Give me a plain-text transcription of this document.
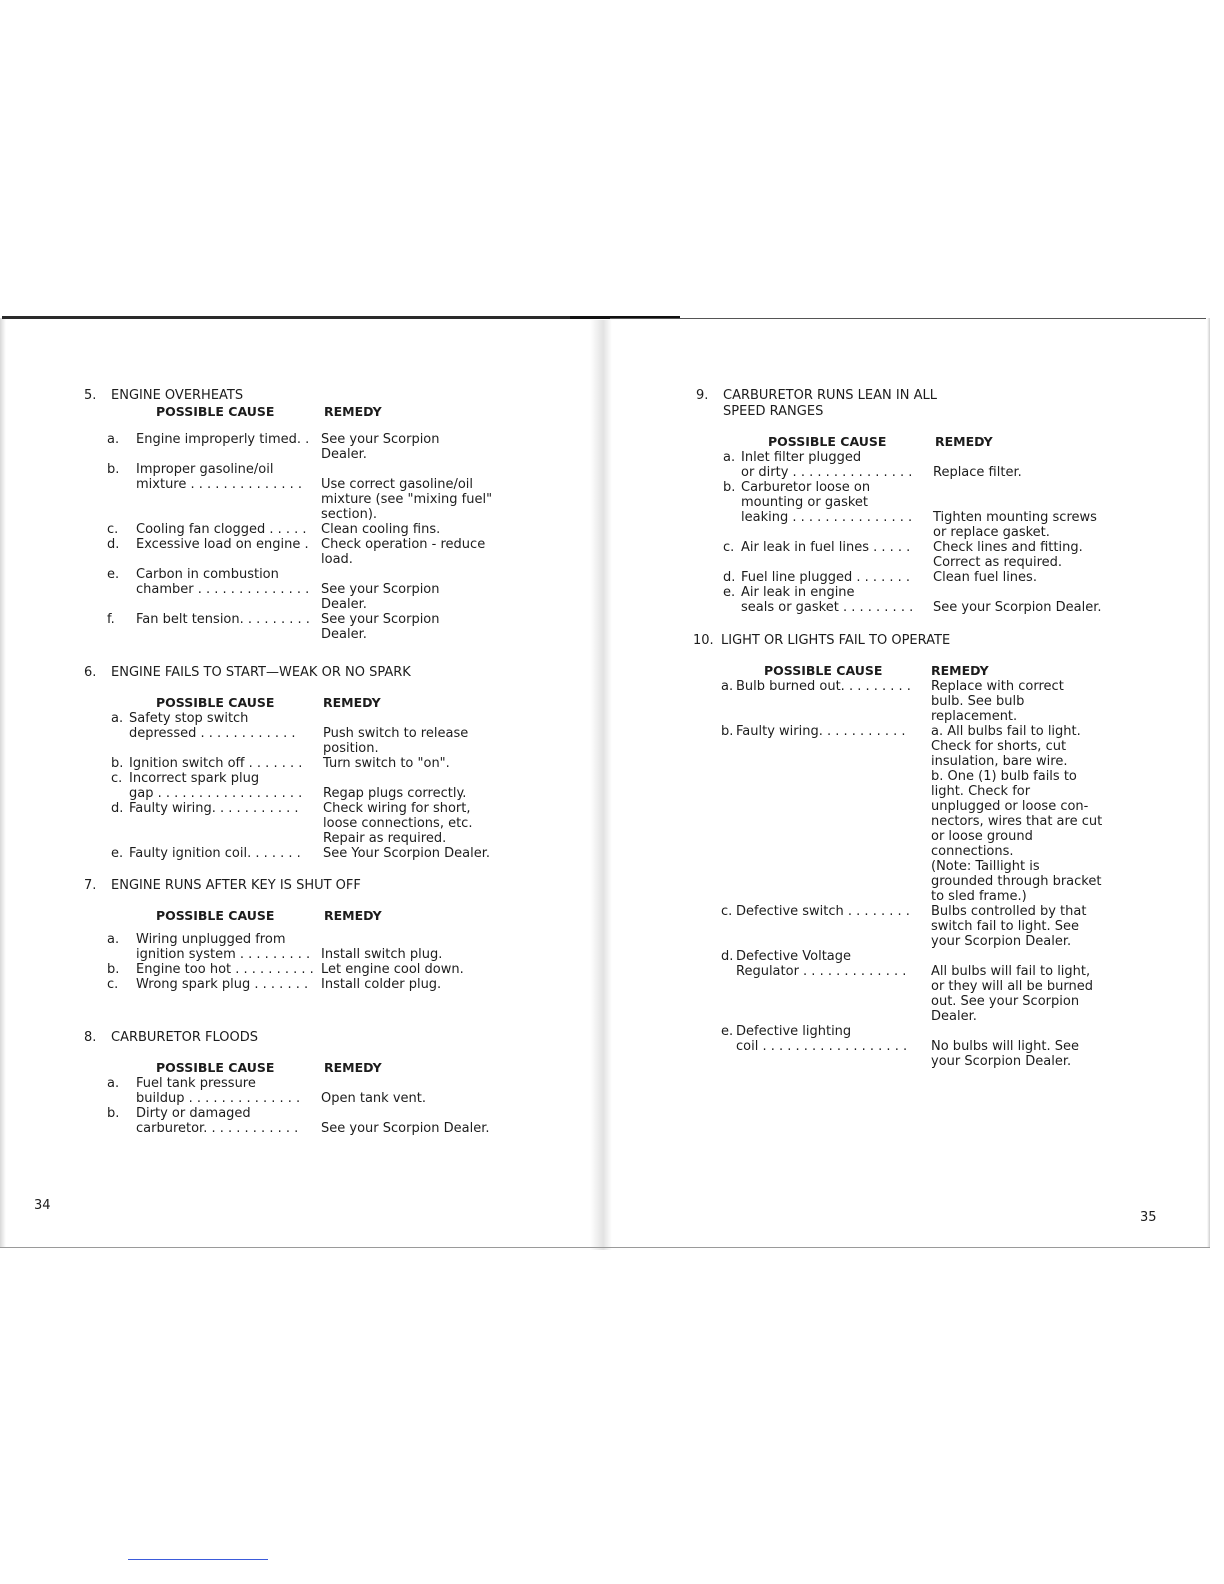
34
35
5. ENGINE OVERHEATS
POSSIBLE CAUSE	REMEDY
a. Engine improperly timed. . See your Scorpion
Dealer.
b. Improper gasoline/oil
mixture . . . . . . . . . . . . . . Use correct gasoline/oil
mixture (see "mixing fuel"
section).
c. Cooling fan clogged . . . . . Clean cooling fins.
d. Excessive load on engine . Check operation - reduce
load.
e. Carbon in combustion
chamber . . . . . . . . . . . . . . See your Scorpion
Dealer.
f. Fan belt tension. . . . . . . . . See your Scorpion
Dealer.
6. ENGINE FAILS TO START—WEAK OR NO SPARK
POSSIBLE CAUSE	REMEDY
a. Safety stop switch
depressed . . . . . . . . . . . . Push switch to release
position.
b. Ignition switch off . . . . . . . Turn switch to "on".
c. Incorrect spark plug
gap . . . . . . . . . . . . . . . . . . Regap plugs correctly.
d. Faulty wiring. . . . . . . . . . . Check wiring for short,
loose connections, etc.
Repair as required.
e. Faulty ignition coil. . . . . . . See Your Scorpion Dealer.
7. ENGINE RUNS AFTER KEY IS SHUT OFF
POSSIBLE CAUSE	REMEDY
a. Wiring unplugged from
ignition system . . . . . . . . . Install switch plug.
b. Engine too hot . . . . . . . . . . Let engine cool down.
c. Wrong spark plug . . . . . . . Install colder plug.
8. CARBURETOR FLOODS
POSSIBLE CAUSE	REMEDY
a. Fuel tank pressure
buildup . . . . . . . . . . . . . . Open tank vent.
b. Dirty or damaged
carburetor. . . . . . . . . . . . See your Scorpion Dealer.
9. CARBURETOR RUNS LEAN IN ALL
SPEED RANGES
POSSIBLE CAUSE	REMEDY
a. Inlet filter plugged
or dirty . . . . . . . . . . . . . . . Replace filter.
b. Carburetor loose on
mounting or gasket
leaking . . . . . . . . . . . . . . . Tighten mounting screws
or replace gasket.
c. Air leak in fuel lines . . . . . Check lines and fitting.
Correct as required.
d. Fuel line plugged . . . . . . . Clean fuel lines.
e. Air leak in engine
seals or gasket . . . . . . . . . See your Scorpion Dealer.
10. LIGHT OR LIGHTS FAIL TO OPERATE
POSSIBLE CAUSE	REMEDY
a. Bulb burned out. . . . . . . . . Replace with correct
bulb. See bulb
replacement.
b. Faulty wiring. . . . . . . . . . . a. All bulbs fail to light.
Check for shorts, cut
insulation, bare wire.
b. One (1) bulb fails to
light. Check for
unplugged or loose con-
nectors, wires that are cut
or loose ground
connections.
(Note: Taillight is
grounded through bracket
to sled frame.)
c. Defective switch . . . . . . . . Bulbs controlled by that
switch fail to light. See
your Scorpion Dealer.
d. Defective Voltage
Regulator . . . . . . . . . . . . . All bulbs will fail to light,
or they will all be burned
out. See your Scorpion
Dealer.
e. Defective lighting
coil . . . . . . . . . . . . . . . . . . No bulbs will light. See
your Scorpion Dealer.
